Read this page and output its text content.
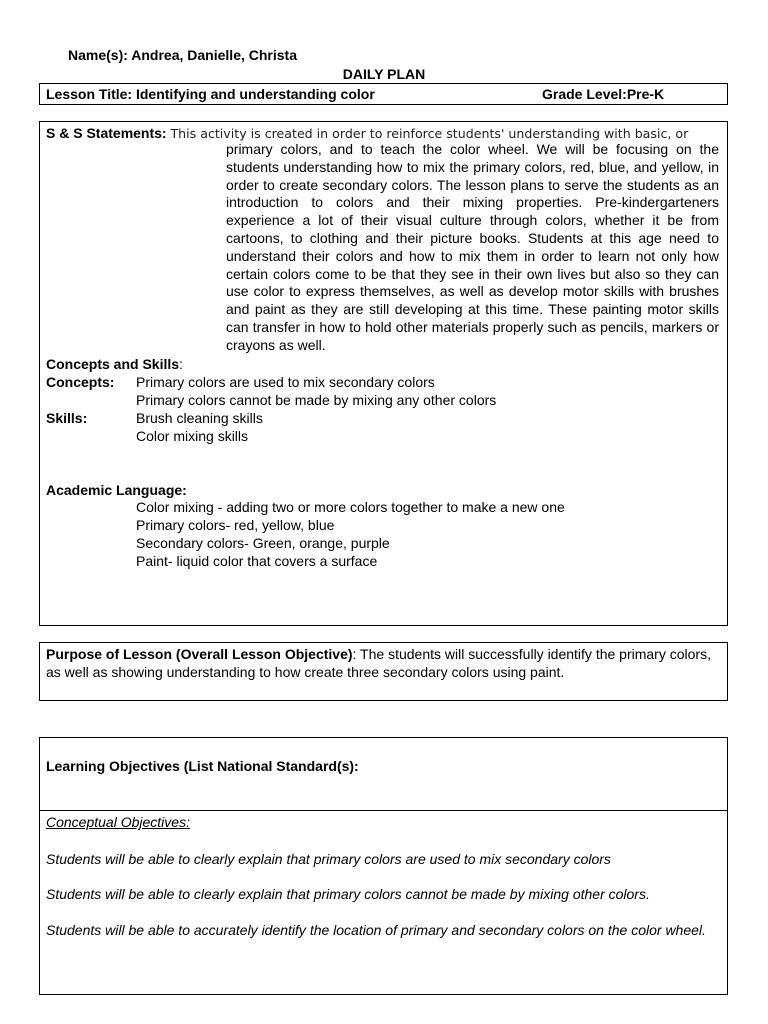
Name(s): Andrea, Danielle, Christa
DAILY PLAN
Lesson Title: Identifying and understanding color	Grade Level:Pre-K
S & S Statements: This activity is created in order to reinforce students' understanding with basic, or
primary colors, and to teach the color wheel. We will be focusing on the students understanding how to mix the primary colors, red, blue, and yellow, in order to create secondary colors. The lesson plans to serve the students as an introduction to colors and their mixing properties. Pre-kindergarteners experience a lot of their visual culture through colors, whether it be from cartoons, to clothing and their picture books. Students at this age need to understand their colors and how to mix them in order to learn not only how certain colors come to be that they see in their own lives but also so they can use color to express themselves, as well as develop motor skills with brushes and paint as they are still developing at this time. These painting motor skills can transfer in how to hold other materials properly such as pencils, markers or crayons as well.
Concepts and Skills:
Concepts: Primary colors are used to mix secondary colors
Primary colors cannot be made by mixing any other colors
Skills:	Brush cleaning skills
Color mixing skills
Academic Language:
Color mixing - adding two or more colors together to make a new one
Primary colors- red, yellow, blue
Secondary colors- Green, orange, purple
Paint- liquid color that covers a surface
Purpose of Lesson (Overall Lesson Objective): The students will successfully identify the primary colors, as well as showing understanding to how create three secondary colors using paint.
Learning Objectives (List National Standard(s):
Conceptual Objectives:
Students will be able to clearly explain that primary colors are used to mix secondary colors
Students will be able to clearly explain that primary colors cannot be made by mixing other colors.
Students will be able to accurately identify the location of primary and secondary colors on the color wheel.
